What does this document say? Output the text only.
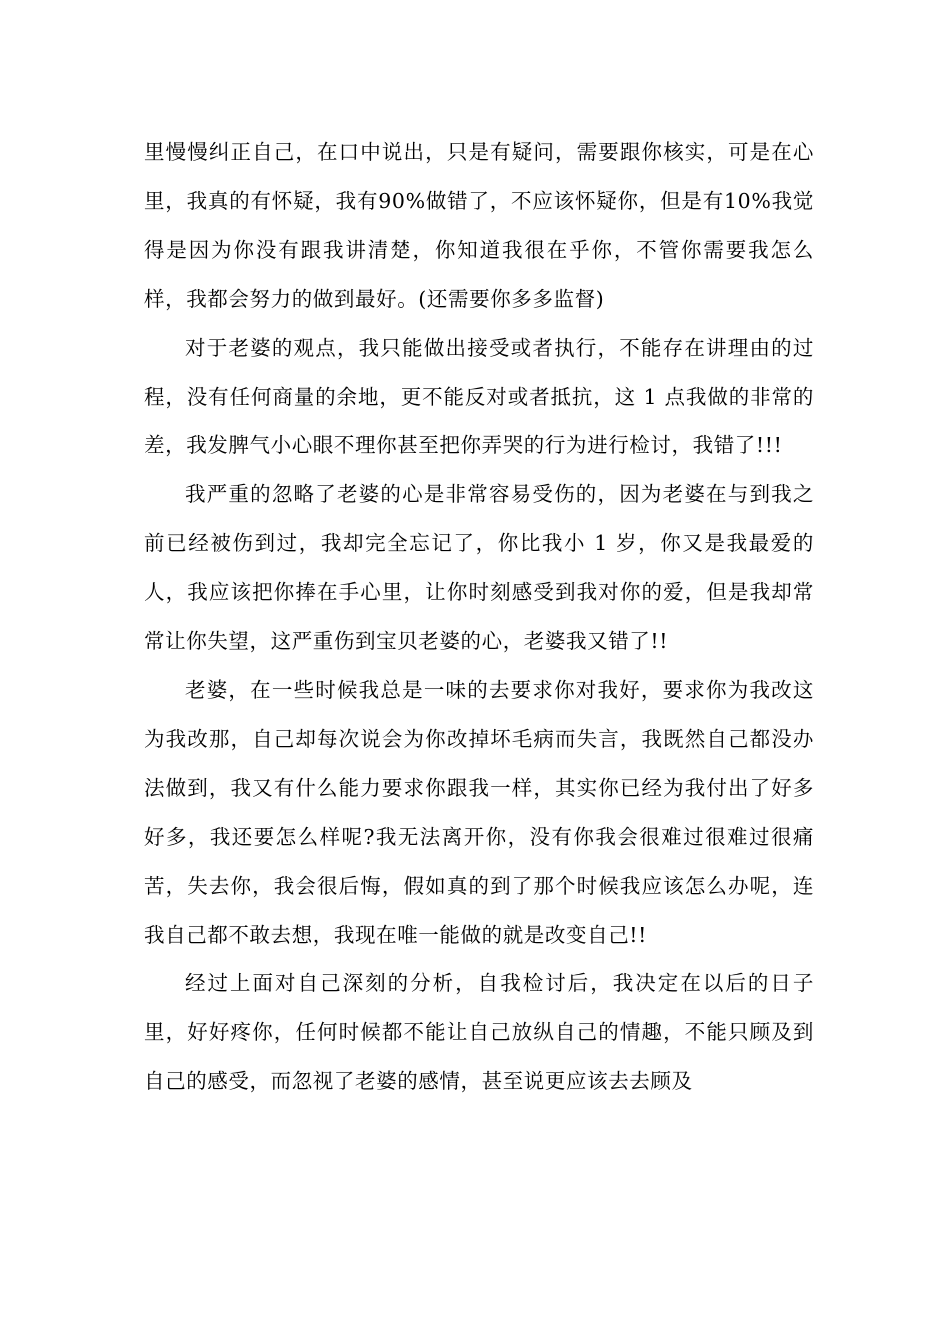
里慢慢纠正自己，在口中说出，只是有疑问，需要跟你核实，可是在心里，我真的有怀疑，我有90%做错了，不应该怀疑你，但是有10%我觉得是因为你没有跟我讲清楚，你知道我很在乎你，不管你需要我怎么样，我都会努力的做到最好。(还需要你多多监督)

对于老婆的观点，我只能做出接受或者执行，不能存在讲理由的过程，没有任何商量的余地，更不能反对或者抵抗，这 1 点我做的非常的差，我发脾气小心眼不理你甚至把你弄哭的行为进行检讨，我错了!!!

我严重的忽略了老婆的心是非常容易受伤的，因为老婆在与到我之前已经被伤到过，我却完全忘记了，你比我小 1 岁，你又是我最爱的人，我应该把你捧在手心里，让你时刻感受到我对你的爱，但是我却常常让你失望，这严重伤到宝贝老婆的心，老婆我又错了!!

老婆，在一些时候我总是一味的去要求你对我好，要求你为我改这为我改那，自己却每次说会为你改掉坏毛病而失言，我既然自己都没办法做到，我又有什么能力要求你跟我一样，其实你已经为我付出了好多好多，我还要怎么样呢?我无法离开你，没有你我会很难过很难过很痛苦，失去你，我会很后悔，假如真的到了那个时候我应该怎么办呢，连我自己都不敢去想，我现在唯一能做的就是改变自己!!

经过上面对自己深刻的分析，自我检讨后，我决定在以后的日子里，好好疼你，任何时候都不能让自己放纵自己的情趣，不能只顾及到自己的感受，而忽视了老婆的感情，甚至说更应该去去顾及
